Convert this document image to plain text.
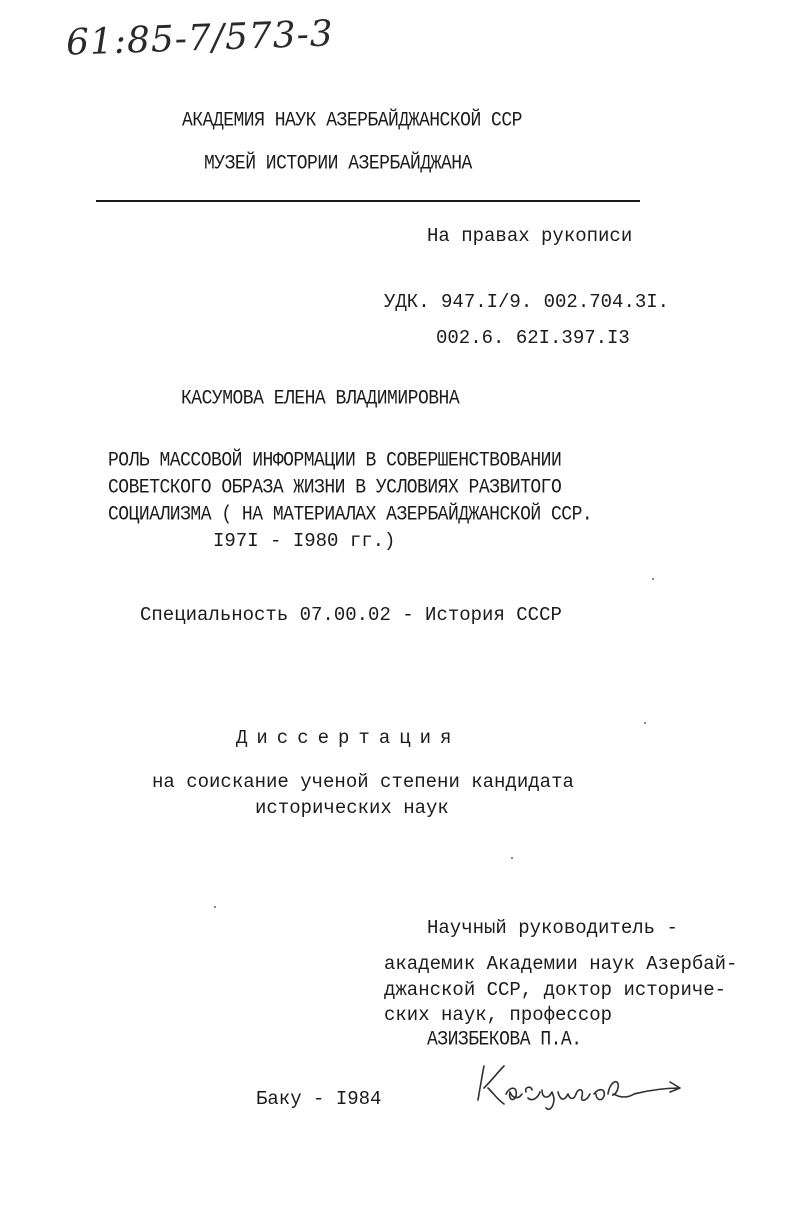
61:85-7/573-3
АКАДЕМИЯ НАУК АЗЕРБАЙДЖАНСКОЙ ССР
МУЗЕЙ ИСТОРИИ АЗЕРБАЙДЖАНА
На правах рукописи
УДК. 947.I/9. 002.704.3I.
002.6. 62I.397.I3
КАСУМОВА ЕЛЕНА ВЛАДИМИРОВНА
РОЛЬ МАССОВОЙ ИНФОРМАЦИИ В СОВЕРШЕНСТВОВАНИИ
СОВЕТСКОГО ОБРАЗА ЖИЗНИ В УСЛОВИЯХ РАЗВИТОГО
СОЦИАЛИЗМА ( НА МАТЕРИАЛАХ АЗЕРБАЙДЖАНСКОЙ ССР.
I97I - I980 гг.)
Специальность 07.00.02 - История СССР
Диссертация
на соискание ученой степени кандидата
исторических наук
Научный руководитель -
академик Академии наук Азербай-
джанской ССР, доктор историче-
ских наук, профессор
АЗИЗБЕКОВА П.А.
Баку - I984
